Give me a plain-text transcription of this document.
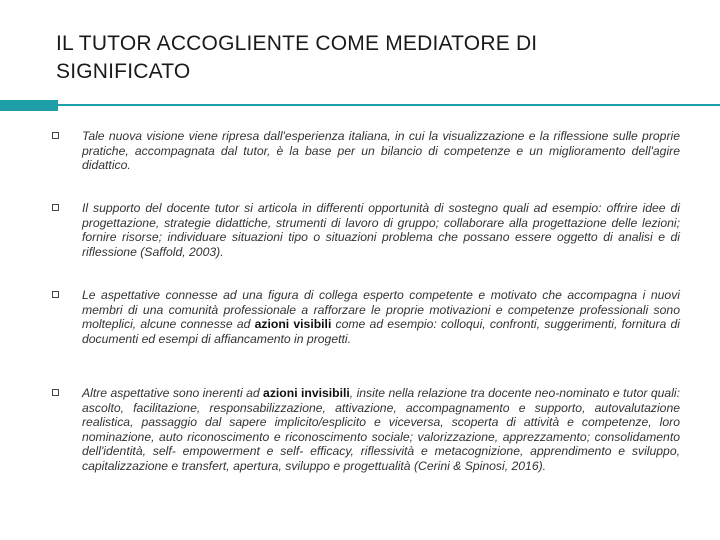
IL TUTOR ACCOGLIENTE COME MEDIATORE DI SIGNIFICATO
Tale nuova visione viene ripresa dall'esperienza italiana, in cui la visualizzazione e la riflessione sulle proprie pratiche, accompagnata dal tutor, è la base per un bilancio di competenze e un miglioramento dell'agire didattico.
Il supporto del docente tutor si articola in differenti opportunità di sostegno quali ad esempio: offrire idee di progettazione, strategie didattiche, strumenti di lavoro di gruppo; collaborare alla progettazione delle lezioni; fornire risorse; individuare situazioni tipo o situazioni problema che possano essere oggetto di analisi e di riflessione (Saffold, 2003).
Le aspettative connesse ad una figura di collega esperto competente e motivato che accompagna i nuovi membri di una comunità professionale a rafforzare le proprie motivazioni e competenze professionali sono molteplici, alcune connesse ad azioni visibili come ad esempio: colloqui, confronti, suggerimenti, fornitura di documenti ed esempi di affiancamento in progetti.
Altre aspettative sono inerenti ad azioni invisibili, insite nella relazione tra docente neo-nominato e tutor quali: ascolto, facilitazione, responsabilizzazione, attivazione, accompagnamento e supporto, autovalutazione realistica, passaggio dal sapere implicito/esplicito e viceversa, scoperta di attività e competenze, loro nominazione, auto riconoscimento e riconoscimento sociale; valorizzazione, apprezzamento; consolidamento dell'identità, self- empowerment e self- efficacy, riflessività e metacognizione, apprendimento e sviluppo, capitalizzazione e transfert, apertura, sviluppo e progettualità (Cerini & Spinosi, 2016).
